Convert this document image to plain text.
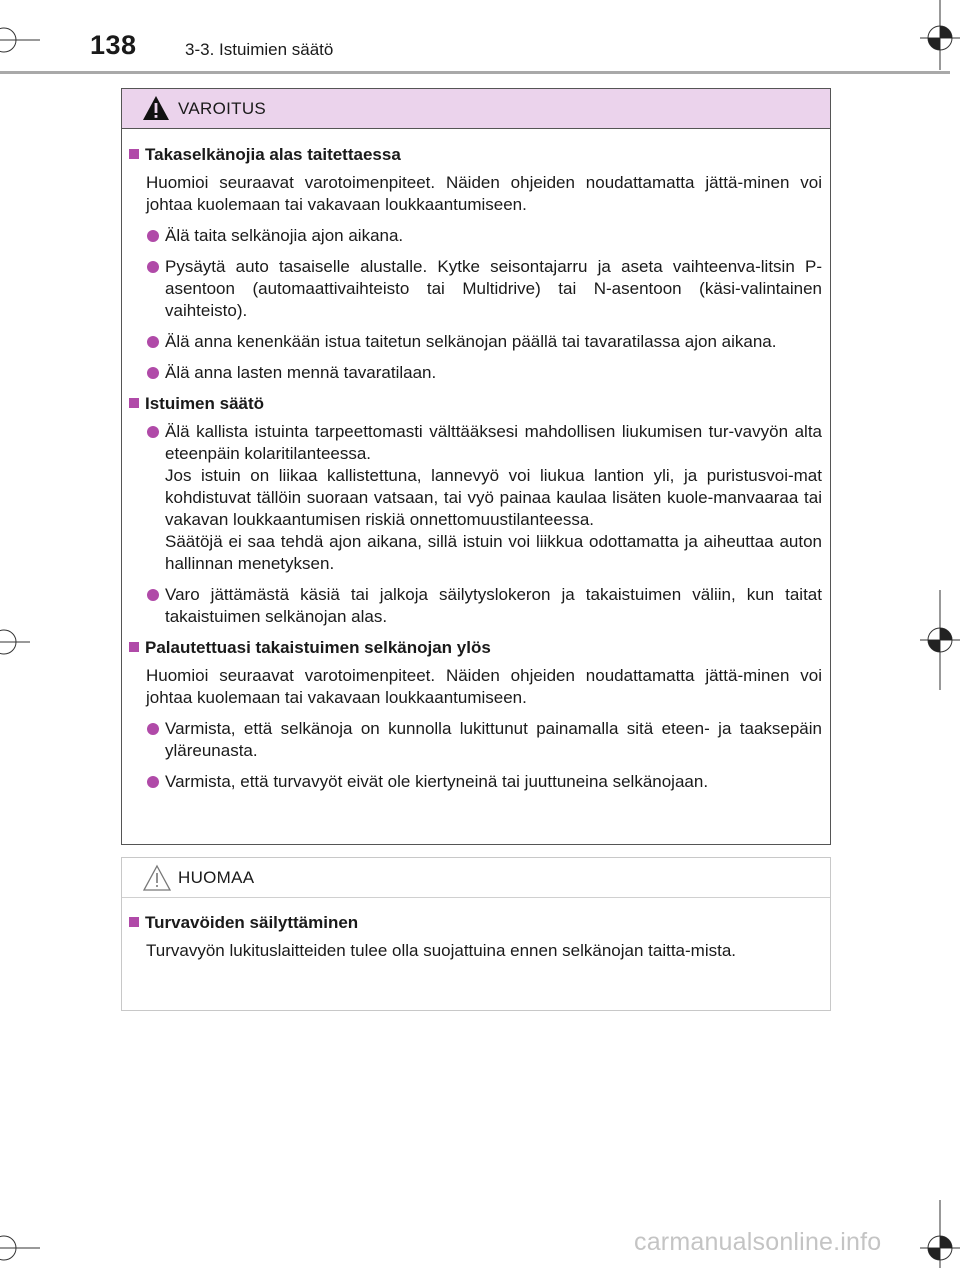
138	3-3. Istuimien säätö
VAROITUS
Takaselkänojia alas taitettaessa
Huomioi seuraavat varotoimenpiteet. Näiden ohjeiden noudattamatta jättä-minen voi johtaa kuolemaan tai vakavaan loukkaantumiseen.
Älä taita selkänojia ajon aikana.
Pysäytä auto tasaiselle alustalle. Kytke seisontajarru ja aseta vaihteenva-litsin P-asentoon (automaattivaihteisto tai Multidrive) tai N-asentoon (käsi-valintainen vaihteisto).
Älä anna kenenkään istua taitetun selkänojan päällä tai tavaratilassa ajon aikana.
Älä anna lasten mennä tavaratilaan.
Istuimen säätö
Älä kallista istuinta tarpeettomasti välttääksesi mahdollisen liukumisen tur-vavyön alta eteenpäin kolaritilanteessa.
Jos istuin on liikaa kallistettuna, lannevyö voi liukua lantion yli, ja puristusvoi-mat kohdistuvat tällöin suoraan vatsaan, tai vyö painaa kaulaa lisäten kuole-manvaaraa tai vakavan loukkaantumisen riskiä onnettomuustilanteessa.
Säätöjä ei saa tehdä ajon aikana, sillä istuin voi liikkua odottamatta ja aiheuttaa auton hallinnan menetyksen.
Varo jättämästä käsiä tai jalkoja säilytyslokeron ja takaistuimen väliin, kun taitat takaistuimen selkänojan alas.
Palautettuasi takaistuimen selkänojan ylös
Huomioi seuraavat varotoimenpiteet. Näiden ohjeiden noudattamatta jättä-minen voi johtaa kuolemaan tai vakavaan loukkaantumiseen.
Varmista, että selkänoja on kunnolla lukittunut painamalla sitä eteen- ja taaksepäin yläreunasta.
Varmista, että turvavyöt eivät ole kiertyneinä tai juuttuneina selkänojaan.
HUOMAA
Turvavöiden säilyttäminen
Turvavyön lukituslaitteiden tulee olla suojattuina ennen selkänojan taitta-mista.
carmanualsonline.info
